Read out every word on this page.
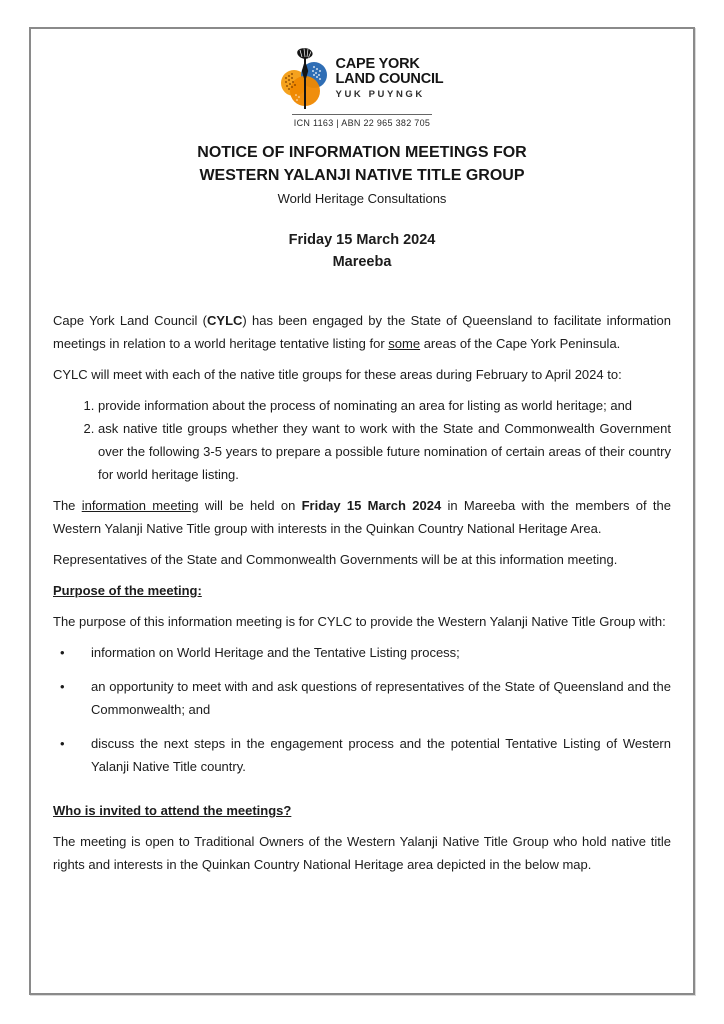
CAPE YORK
LAND COUNCIL
YUK PUYNGK
ICN 1163 | ABN 22 965 382 705
NOTICE OF INFORMATION MEETINGS FOR
WESTERN YALANJI NATIVE TITLE GROUP
World Heritage Consultations
Friday 15 March 2024
Mareeba

Cape York Land Council (CYLC) has been engaged by the State of Queensland to facilitate information meetings in relation to a world heritage tentative listing for some areas of the Cape York Peninsula.

CYLC will meet with each of the native title groups for these areas during February to April 2024 to:

1. provide information about the process of nominating an area for listing as world heritage; and
2. ask native title groups whether they want to work with the State and Commonwealth Government over the following 3-5 years to prepare a possible future nomination of certain areas of their country for world heritage listing.

The information meeting will be held on Friday 15 March 2024 in Mareeba with the members of the Western Yalanji Native Title group with interests in the Quinkan Country National Heritage Area.

Representatives of the State and Commonwealth Governments will be at this information meeting.

Purpose of the meeting:

The purpose of this information meeting is for CYLC to provide the Western Yalanji Native Title Group with:

• information on World Heritage and the Tentative Listing process;
• an opportunity to meet with and ask questions of representatives of the State of Queensland and the Commonwealth; and
• discuss the next steps in the engagement process and the potential Tentative Listing of Western Yalanji Native Title country.

Who is invited to attend the meetings?

The meeting is open to Traditional Owners of the Western Yalanji Native Title Group who hold native title rights and interests in the Quinkan Country National Heritage area depicted in the below map.
